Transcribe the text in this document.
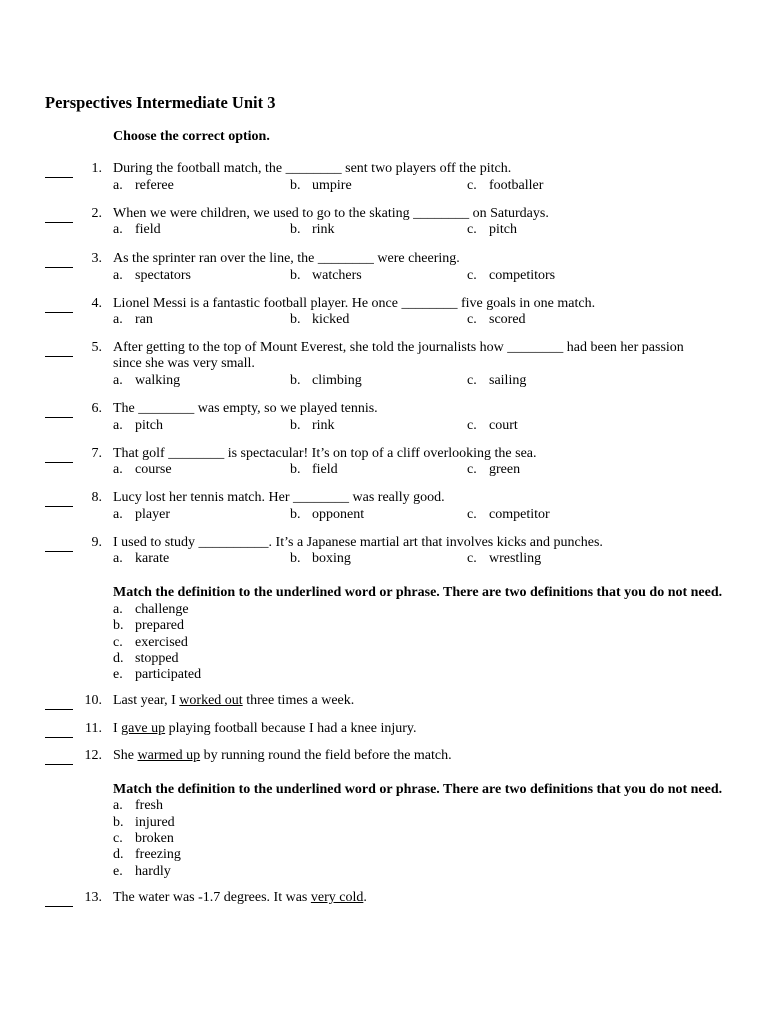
Perspectives Intermediate Unit 3
Choose the correct option.
1. During the football match, the ________ sent two players off the pitch.
a. referee	b. umpire	c. footballer
2. When we were children, we used to go to the skating ________ on Saturdays.
a. field	b. rink	c. pitch
3. As the sprinter ran over the line, the ________ were cheering.
a. spectators	b. watchers	c. competitors
4. Lionel Messi is a fantastic football player. He once ________ five goals in one match.
a. ran	b. kicked	c. scored
5. After getting to the top of Mount Everest, she told the journalists how ________ had been her passion since she was very small.
a. walking	b. climbing	c. sailing
6. The ________ was empty, so we played tennis.
a. pitch	b. rink	c. court
7. That golf ________ is spectacular! It’s on top of a cliff overlooking the sea.
a. course	b. field	c. green
8. Lucy lost her tennis match. Her ________ was really good.
a. player	b. opponent	c. competitor
9. I used to study __________. It’s a Japanese martial art that involves kicks and punches.
a. karate	b. boxing	c. wrestling
Match the definition to the underlined word or phrase. There are two definitions that you do not need.
a. challenge
b. prepared
c. exercised
d. stopped
e. participated
10. Last year, I worked out three times a week.
11. I gave up playing football because I had a knee injury.
12. She warmed up by running round the field before the match.
Match the definition to the underlined word or phrase. There are two definitions that you do not need.
a. fresh
b. injured
c. broken
d. freezing
e. hardly
13. The water was -1.7 degrees. It was very cold.
